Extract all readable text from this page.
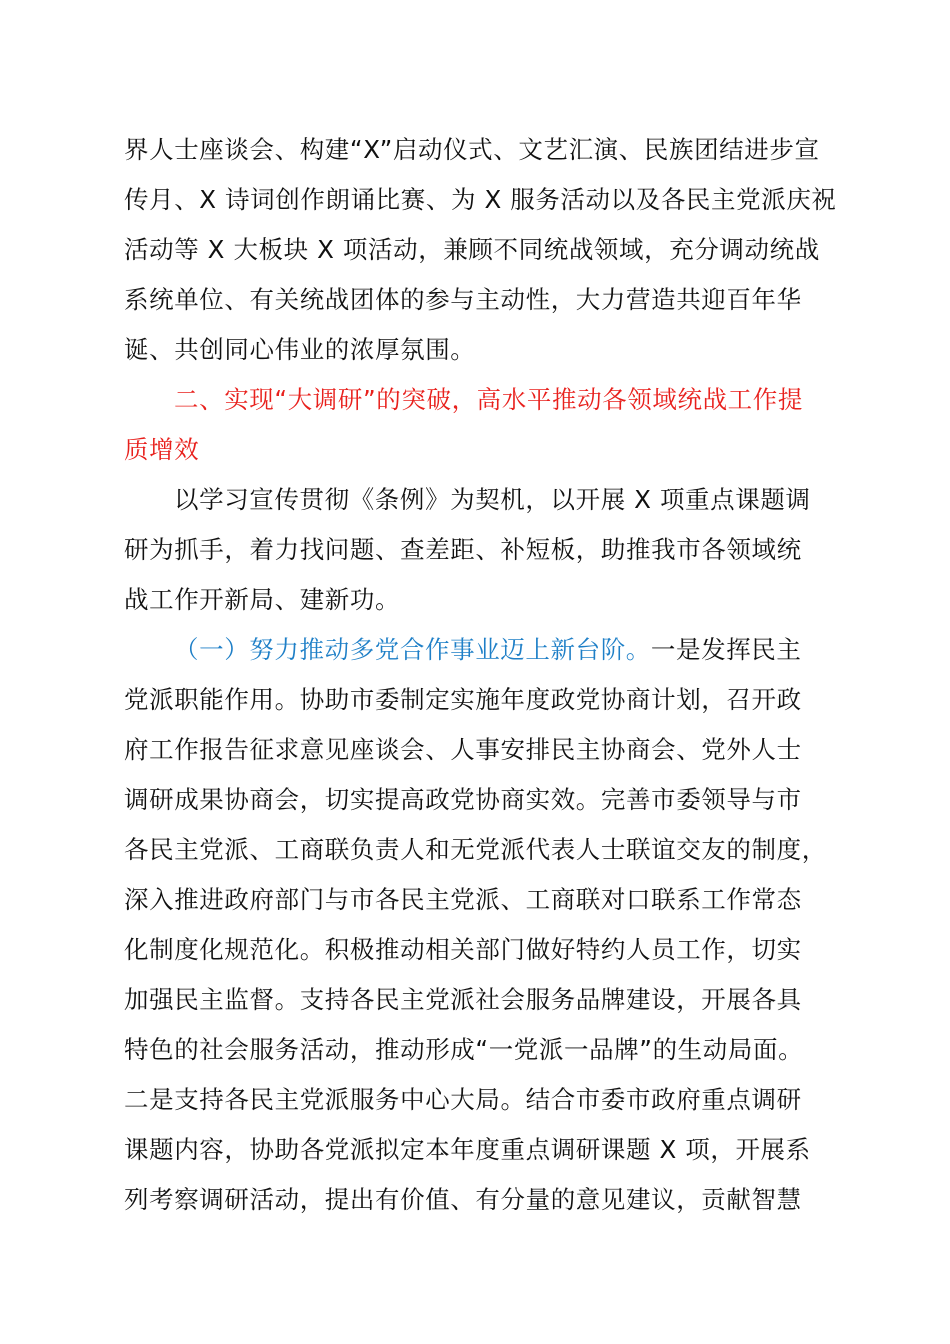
界人士座谈会、构建“X”启动仪式、文艺汇演、民族团结进步宣
传月、X 诗词创作朗诵比赛、为 X 服务活动以及各民主党派庆祝
活动等 X 大板块 X 项活动，兼顾不同统战领域，充分调动统战
系统单位、有关统战团体的参与主动性，大力营造共迎百年华
诞、共创同心伟业的浓厚氛围。
二、实现“大调研”的突破，高水平推动各领域统战工作提
质增效
以学习宣传贯彻《条例》为契机，以开展 X 项重点课题调
研为抓手，着力找问题、查差距、补短板，助推我市各领域统
战工作开新局、建新功。
（一）努力推动多党合作事业迈上新台阶。一是发挥民主
党派职能作用。协助市委制定实施年度政党协商计划，召开政
府工作报告征求意见座谈会、人事安排民主协商会、党外人士
调研成果协商会，切实提高政党协商实效。完善市委领导与市
各民主党派、工商联负责人和无党派代表人士联谊交友的制度，
深入推进政府部门与市各民主党派、工商联对口联系工作常态
化制度化规范化。积极推动相关部门做好特约人员工作，切实
加强民主监督。支持各民主党派社会服务品牌建设，开展各具
特色的社会服务活动，推动形成“一党派一品牌”的生动局面。
二是支持各民主党派服务中心大局。结合市委市政府重点调研
课题内容，协助各党派拟定本年度重点调研课题 X 项，开展系
列考察调研活动，提出有价值、有分量的意见建议，贡献智慧
